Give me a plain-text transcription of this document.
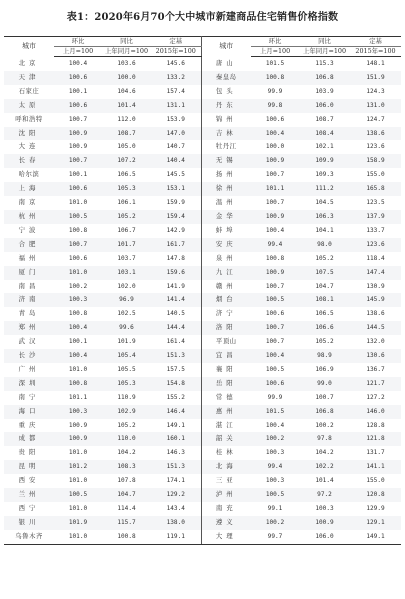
表1：2020年6月70个大中城市新建商品住宅销售价格指数
城市	环比	同比	定基	城市	环比	同比	定基
	上月=100	上年同月=100	2015年=100		上月=100	上年同月=100	2015年=100
北京	100.4	103.6	145.6	唐山	101.5	115.3	148.1
天津	100.6	100.0	133.2	秦皇岛	100.8	106.8	151.9
石家庄	100.1	104.6	157.4	包头	99.9	103.9	124.3
太原	100.6	101.4	131.1	丹东	99.8	106.0	131.0
呼和浩特	100.7	112.0	153.9	锦州	100.6	108.7	124.7
沈阳	100.9	108.7	147.0	吉林	100.4	108.4	138.6
大连	100.9	105.0	140.7	牡丹江	100.0	102.1	123.6
长春	100.7	107.2	140.4	无锡	100.9	109.9	158.9
哈尔滨	100.1	106.5	145.5	扬州	100.7	109.3	155.0
上海	100.6	105.3	153.1	徐州	101.1	111.2	165.8
南京	101.0	106.1	159.9	温州	100.7	104.5	123.5
杭州	100.5	105.2	159.4	金华	100.9	106.3	137.9
宁波	100.8	106.7	142.9	蚌埠	100.4	104.1	133.7
合肥	100.7	101.7	161.7	安庆	99.4	98.0	123.6
福州	100.6	103.7	147.8	泉州	100.8	105.2	118.4
厦门	101.0	103.1	159.6	九江	100.9	107.5	147.4
南昌	100.2	102.0	141.9	赣州	100.7	104.7	130.9
济南	100.3	96.9	141.4	烟台	100.5	108.1	145.9
青岛	100.8	102.5	140.5	济宁	100.6	106.5	138.6
郑州	100.4	99.6	144.4	洛阳	100.7	106.6	144.5
武汉	100.1	101.9	161.4	平顶山	100.7	105.2	132.0
长沙	100.4	105.4	151.3	宜昌	100.4	98.9	130.6
广州	101.0	105.5	157.5	襄阳	100.5	106.9	136.7
深圳	100.8	105.3	154.8	岳阳	100.6	99.0	121.7
南宁	101.1	110.9	155.2	常德	99.9	100.7	127.2
海口	100.3	102.9	146.4	惠州	101.5	106.8	146.0
重庆	100.9	105.2	149.1	湛江	100.4	100.2	128.8
成都	100.9	110.0	160.1	韶关	100.2	97.8	121.8
贵阳	101.0	104.2	146.3	桂林	100.3	104.2	131.7
昆明	101.2	108.3	151.3	北海	99.4	102.2	141.1
西安	101.0	107.8	174.1	三亚	100.3	101.4	155.0
兰州	100.5	104.7	129.2	泸州	100.5	97.2	120.8
西宁	101.0	114.4	143.4	南充	99.1	100.3	129.9
银川	101.9	115.7	138.0	遵义	100.2	100.9	129.1
乌鲁木齐	101.0	100.8	119.1	大理	99.7	106.0	149.1
